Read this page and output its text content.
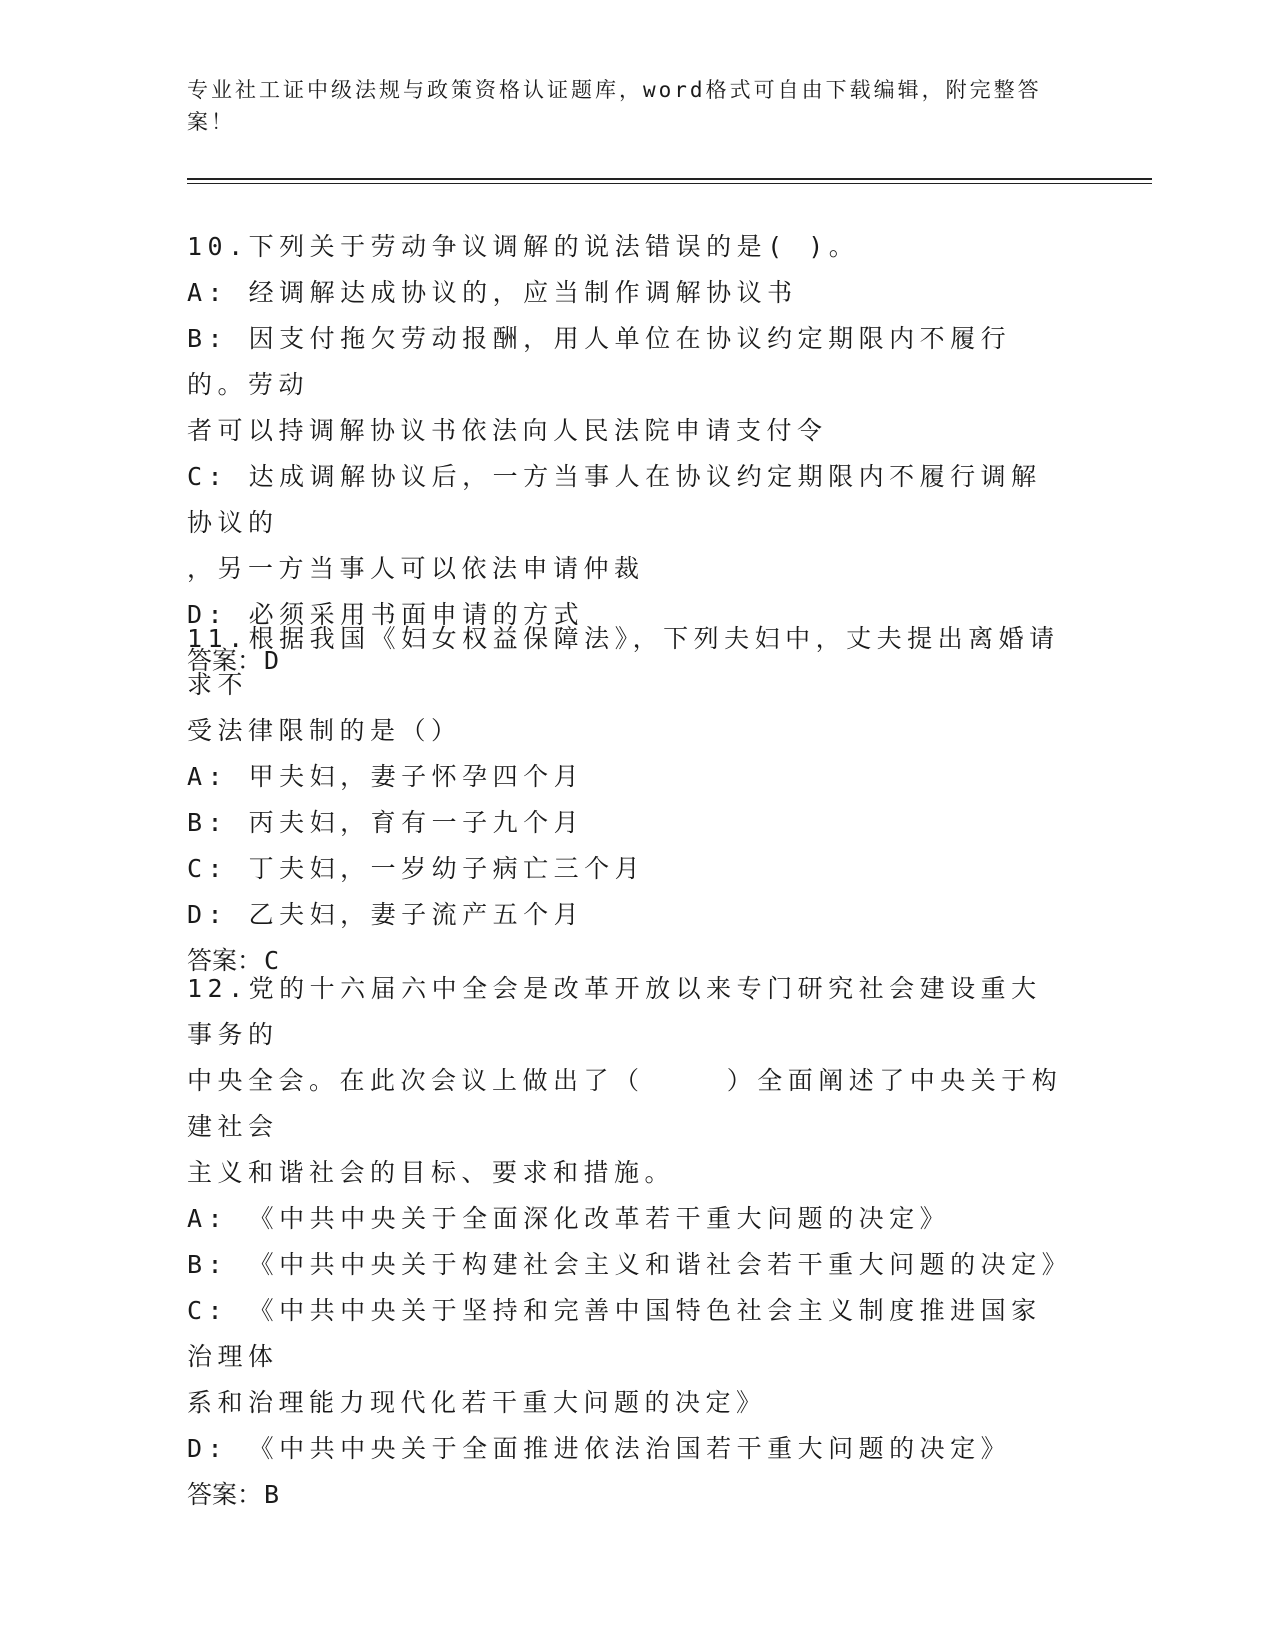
专业社工证中级法规与政策资格认证题库，word格式可自由下载编辑，附完整答案！

10.下列关于劳动争议调解的说法错误的是( )。

A: 经调解达成协议的，应当制作调解协议书

B: 因支付拖欠劳动报酬，用人单位在协议约定期限内不履行的。劳动

者可以持调解协议书依法向人民法院申请支付令

C: 达成调解协议后，一方当事人在协议约定期限内不履行调解协议的

，另一方当事人可以依法申请仲裁

D: 必须采用书面申请的方式

答案：D

11.根据我国《妇女权益保障法》，下列夫妇中，丈夫提出离婚请求不

受法律限制的是（）

A: 甲夫妇，妻子怀孕四个月

B: 丙夫妇，育有一子九个月

C: 丁夫妇，一岁幼子病亡三个月

D: 乙夫妇，妻子流产五个月

答案：C

12.党的十六届六中全会是改革开放以来专门研究社会建设重大事务的

中央全会。在此次会议上做出了（    ）全面阐述了中央关于构建社会

主义和谐社会的目标、要求和措施。

A: 《中共中央关于全面深化改革若干重大问题的决定》

B: 《中共中央关于构建社会主义和谐社会若干重大问题的决定》

C: 《中共中央关于坚持和完善中国特色社会主义制度推进国家治理体

系和治理能力现代化若干重大问题的决定》

D: 《中共中央关于全面推进依法治国若干重大问题的决定》

答案：B
